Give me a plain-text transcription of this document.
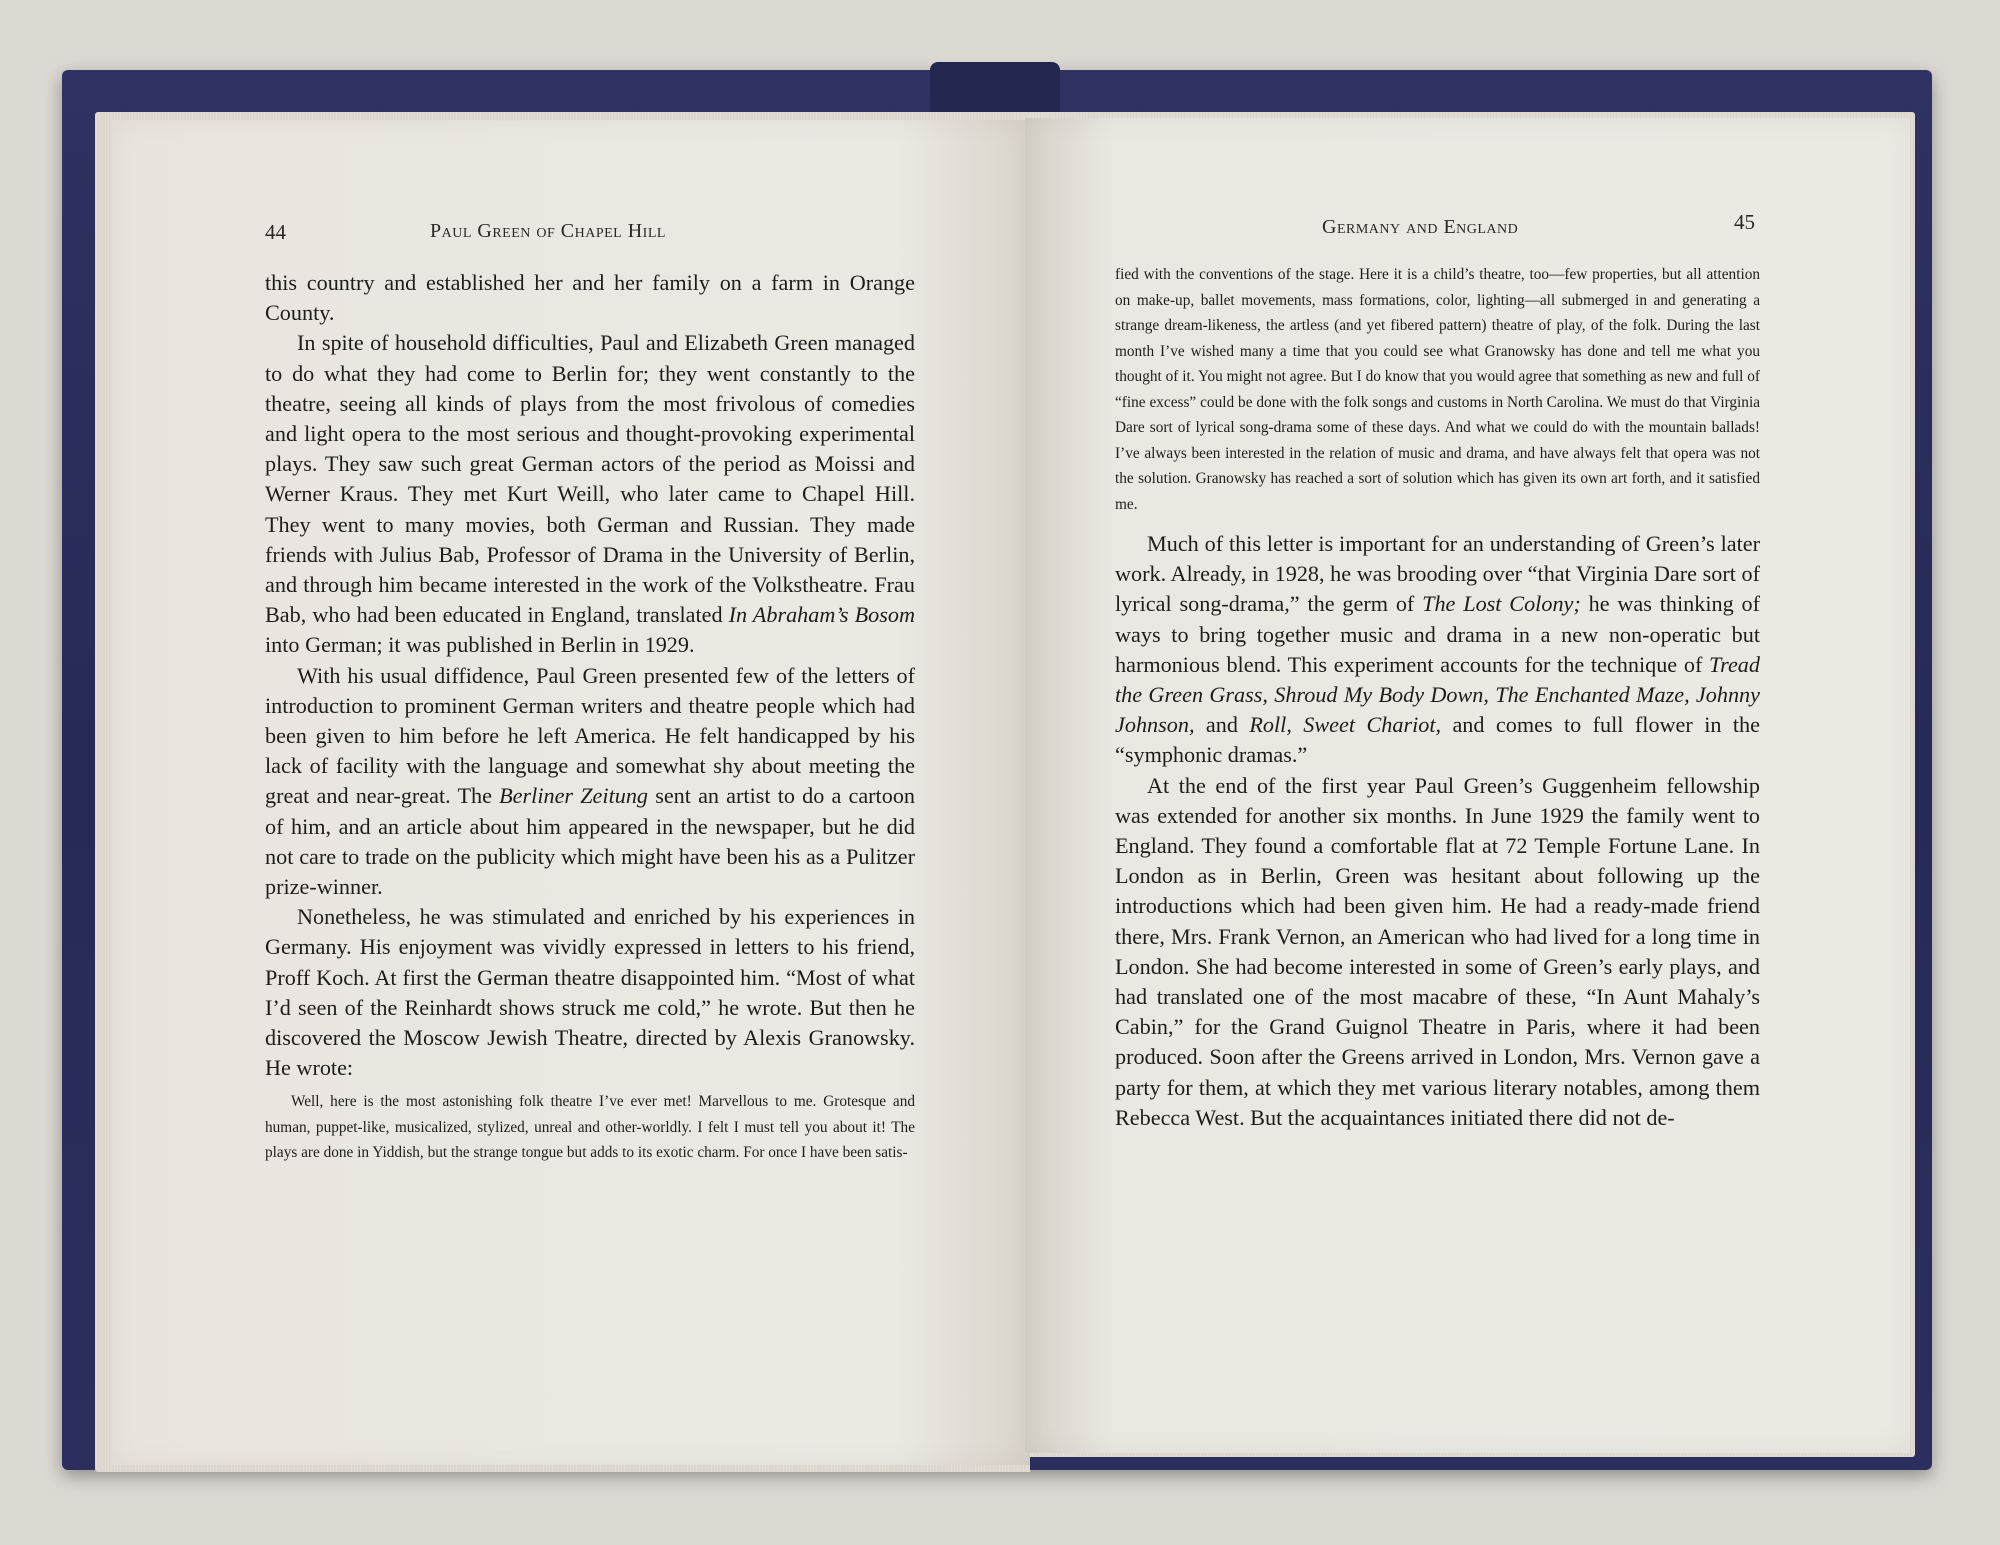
44	Paul Green of Chapel Hill	Germany and England	45

this country and established her and her family on a farm in Orange County.

In spite of household difficulties, Paul and Elizabeth Green managed to do what they had come to Berlin for; they went constantly to the theatre, seeing all kinds of plays from the most frivolous of comedies and light opera to the most serious and thought-provoking experimental plays. They saw such great German actors of the period as Moissi and Werner Kraus. They met Kurt Weill, who later came to Chapel Hill. They went to many movies, both German and Russian. They made friends with Julius Bab, Professor of Drama in the University of Berlin, and through him became interested in the work of the Volkstheatre. Frau Bab, who had been educated in England, translated In Abraham’s Bosom into German; it was published in Berlin in 1929.

With his usual diffidence, Paul Green presented few of the letters of introduction to prominent German writers and theatre people which had been given to him before he left America. He felt handicapped by his lack of facility with the language and somewhat shy about meeting the great and near-great. The Berliner Zeitung sent an artist to do a cartoon of him, and an article about him appeared in the newspaper, but he did not care to trade on the publicity which might have been his as a Pulitzer prize-winner.

Nonetheless, he was stimulated and enriched by his experiences in Germany. His enjoyment was vividly expressed in letters to his friend, Proff Koch. At first the German theatre disappointed him. “Most of what I’d seen of the Reinhardt shows struck me cold,” he wrote. But then he discovered the Moscow Jewish Theatre, directed by Alexis Granowsky. He wrote:

Well, here is the most astonishing folk theatre I’ve ever met! Marvellous to me. Grotesque and human, puppet-like, musicalized, stylized, unreal and other-worldly. I felt I must tell you about it! The plays are done in Yiddish, but the strange tongue but adds to its exotic charm. For once I have been satis-

fied with the conventions of the stage. Here it is a child’s theatre, too—few properties, but all attention on make-up, ballet movements, mass formations, color, lighting—all submerged in and generating a strange dream-likeness, the artless (and yet fibered pattern) theatre of play, of the folk. During the last month I’ve wished many a time that you could see what Granowsky has done and tell me what you thought of it. You might not agree. But I do know that you would agree that something as new and full of “fine excess” could be done with the folk songs and customs in North Carolina. We must do that Virginia Dare sort of lyrical song-drama some of these days. And what we could do with the mountain ballads! I’ve always been interested in the relation of music and drama, and have always felt that opera was not the solution. Granowsky has reached a sort of solution which has given its own art forth, and it satisfied me.

Much of this letter is important for an understanding of Green’s later work. Already, in 1928, he was brooding over “that Virginia Dare sort of lyrical song-drama,” the germ of The Lost Colony; he was thinking of ways to bring together music and drama in a new non-operatic but harmonious blend. This experiment accounts for the technique of Tread the Green Grass, Shroud My Body Down, The Enchanted Maze, Johnny Johnson, and Roll, Sweet Chariot, and comes to full flower in the “symphonic dramas.”

At the end of the first year Paul Green’s Guggenheim fellowship was extended for another six months. In June 1929 the family went to England. They found a comfortable flat at 72 Temple Fortune Lane. In London as in Berlin, Green was hesitant about following up the introductions which had been given him. He had a ready-made friend there, Mrs. Frank Vernon, an American who had lived for a long time in London. She had become interested in some of Green’s early plays, and had translated one of the most macabre of these, “In Aunt Mahaly’s Cabin,” for the Grand Guignol Theatre in Paris, where it had been produced. Soon after the Greens arrived in London, Mrs. Vernon gave a party for them, at which they met various literary notables, among them Rebecca West. But the acquaintances initiated there did not de-
